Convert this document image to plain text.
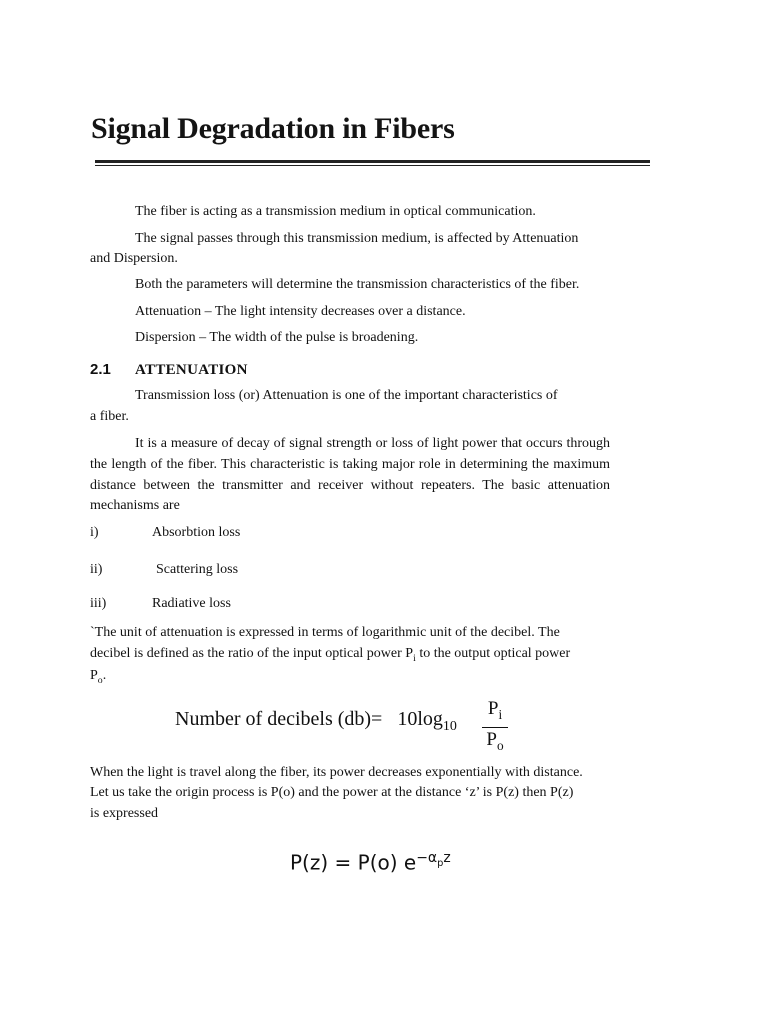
Signal Degradation in Fibers

The fiber is acting as a transmission medium in optical communication.

The signal passes through this transmission medium, is affected by Attenuation

and Dispersion.

Both the parameters will determine the transmission characteristics of the fiber.

Attenuation – The light intensity decreases over a distance.

Dispersion – The width of the pulse is broadening.

2.1 ATTENUATION

Transmission loss (or) Attenuation is one of the important characteristics of

a fiber.

It is a measure of decay of signal strength or loss of light power that occurs through

the length of the fiber. This characteristic is taking major role in determining the maximum

distance between the transmitter and receiver without repeaters. The basic attenuation

mechanisms are

i)	Absorbtion loss
ii)	Scattering loss
iii)	Radiative loss

`The unit of attenuation is expressed in terms of logarithmic unit of the decibel. The

decibel is defined as the ratio of the input optical power $P_i$ to the output optical power

$P_o$.

Number of decibels $(db)= 10\log_{10}$
$P_i$
$P_o$

When the light is travel along the fiber, its power decreases exponentially with distance.

Let us take the origin process is P(o) and the power at the distance ‘z’ is P(z) then P(z)

is expressed

P(z) = P(o) $e^{-\alpha_pz}$
